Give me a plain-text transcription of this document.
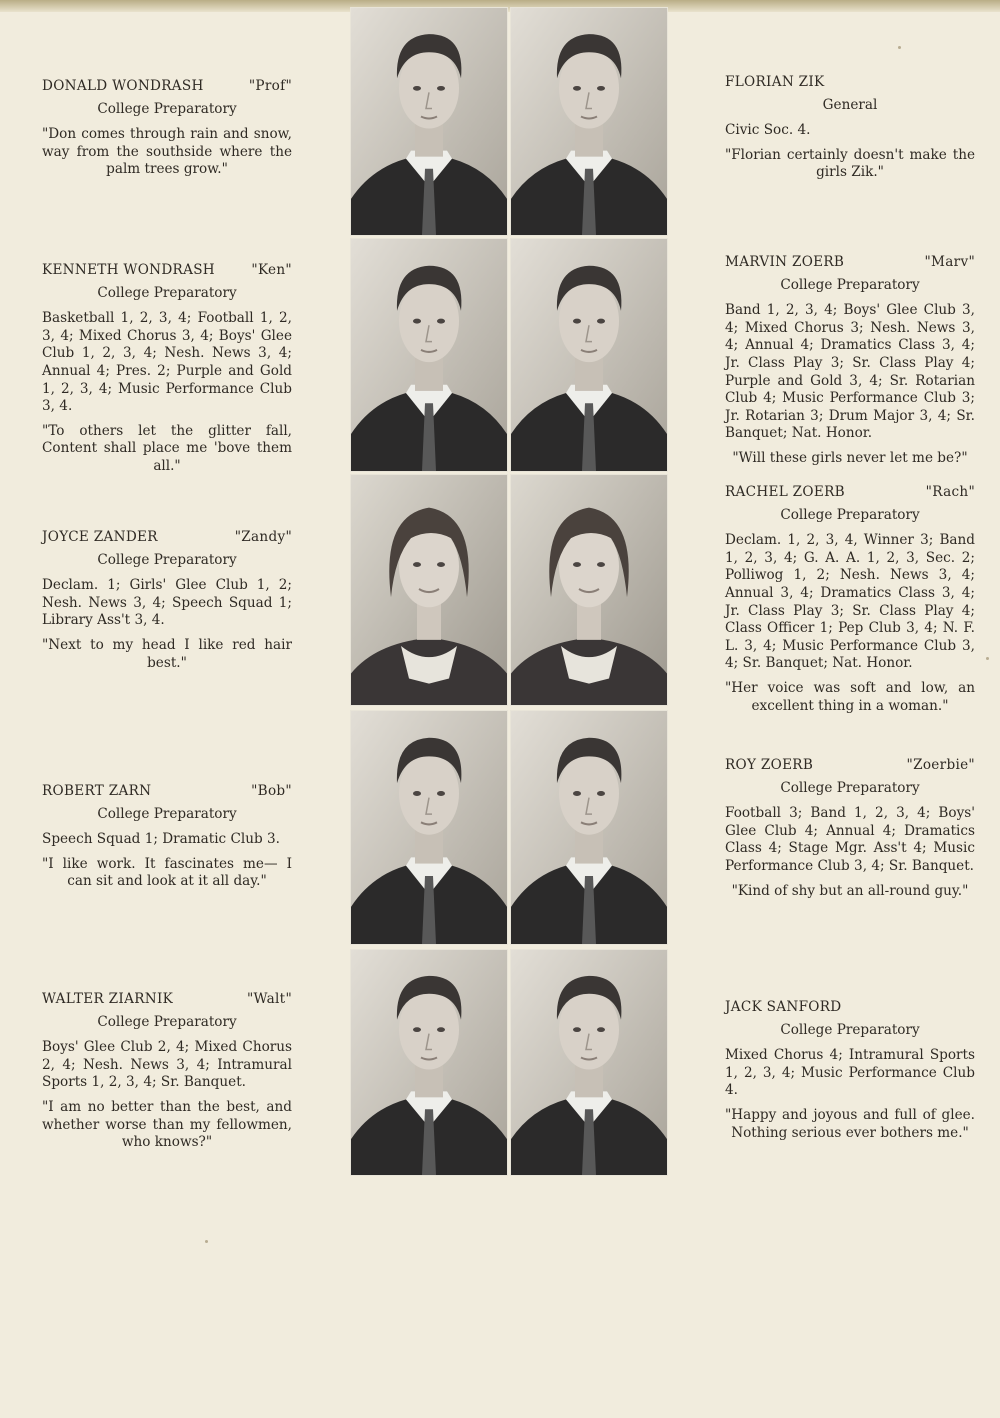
DONALD WONDRASH	"Prof"
College Preparatory
"Don comes through rain and snow, way from the southside where the palm trees grow."
FLORIAN ZIK
General
Civic Soc. 4.
"Florian certainly doesn't make the girls Zik."
KENNETH WONDRASH	"Ken"
College Preparatory
Basketball 1, 2, 3, 4; Football 1, 2, 3, 4; Mixed Chorus 3, 4; Boys' Glee Club 1, 2, 3, 4; Nesh. News 3, 4; Annual 4; Pres. 2; Purple and Gold 1, 2, 3, 4; Music Performance Club 3, 4.
"To others let the glitter fall, Content shall place me 'bove them all."
MARVIN ZOERB	"Marv"
College Preparatory
Band 1, 2, 3, 4; Boys' Glee Club 3, 4; Mixed Chorus 3; Nesh. News 3, 4; Annual 4; Dramatics Class 3, 4; Jr. Class Play 3; Sr. Class Play 4; Purple and Gold 3, 4; Sr. Rotarian Club 4; Music Performance Club 3; Jr. Rotarian 3; Drum Major 3, 4; Sr. Banquet; Nat. Honor.
"Will these girls never let me be?"
JOYCE ZANDER	"Zandy"
College Preparatory
Declam. 1; Girls' Glee Club 1, 2; Nesh. News 3, 4; Speech Squad 1; Library Ass't 3, 4.
"Next to my head I like red hair best."
RACHEL ZOERB	"Rach"
College Preparatory
Declam. 1, 2, 3, 4, Winner 3; Band 1, 2, 3, 4; G. A. A. 1, 2, 3, Sec. 2; Polliwog 1, 2; Nesh. News 3, 4; Annual 3, 4; Dramatics Class 3, 4; Jr. Class Play 3; Sr. Class Play 4; Class Officer 1; Pep Club 3, 4; N. F. L. 3, 4; Music Performance Club 3, 4; Sr. Banquet; Nat. Honor.
"Her voice was soft and low, an excellent thing in a woman."
ROBERT ZARN	"Bob"
College Preparatory
Speech Squad 1; Dramatic Club 3.
"I like work. It fascinates me— I can sit and look at it all day."
ROY ZOERB	"Zoerbie"
College Preparatory
Football 3; Band 1, 2, 3, 4; Boys' Glee Club 4; Annual 4; Dramatics Class 4; Stage Mgr. Ass't 4; Music Performance Club 3, 4; Sr. Banquet.
"Kind of shy but an all-round guy."
WALTER ZIARNIK	"Walt"
College Preparatory
Boys' Glee Club 2, 4; Mixed Chorus 2, 4; Nesh. News 3, 4; Intramural Sports 1, 2, 3, 4; Sr. Banquet.
"I am no better than the best, and whether worse than my fellowmen, who knows?"
JACK SANFORD
College Preparatory
Mixed Chorus 4; Intramural Sports 1, 2, 3, 4; Music Performance Club 4.
"Happy and joyous and full of glee. Nothing serious ever bothers me."
